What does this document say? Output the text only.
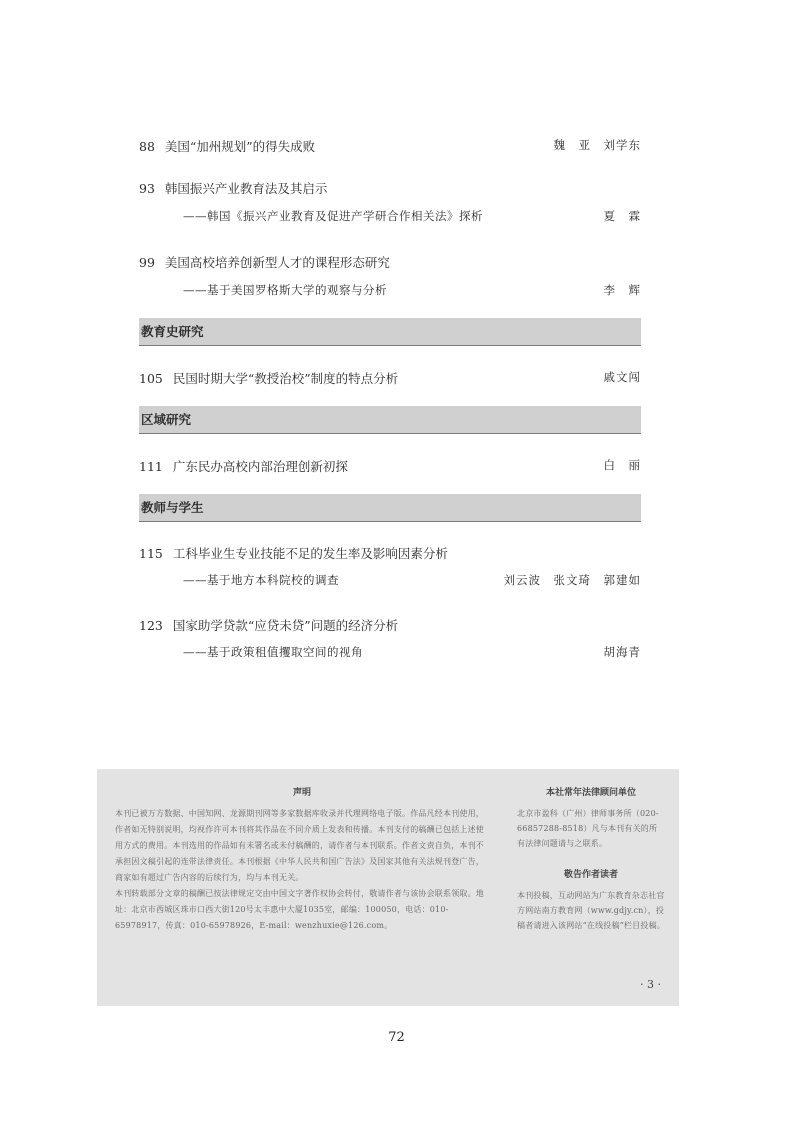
88 美国“加州规划”的得失成败	魏　亚　刘学东
93 韩国振兴产业教育法及其启示
——韩国《振兴产业教育及促进产学研合作相关法》探析	夏　霖
99 美国高校培养创新型人才的课程形态研究
——基于美国罗格斯大学的观察与分析	李　辉
教育史研究
105 民国时期大学“教授治校”制度的特点分析	戚文闯
区域研究
111 广东民办高校内部治理创新初探	白　丽
教师与学生
115 工科毕业生专业技能不足的发生率及影响因素分析
——基于地方本科院校的调查	刘云波　张文琦　郭建如
123 国家助学贷款“应贷未贷”问题的经济分析
——基于政策租值攫取空间的视角	胡海青
声明

本刊已被万方数据、中国知网、龙源期刊网等多家数据库收录并代理网络电子版。作品凡经本刊使用，作者如无特别说明，均视作许可本刊将其作品在不同介质上发表和传播。本刊支付的稿酬已包括上述使用方式的费用。本刊选用的作品如有未署名或未付稿酬的，请作者与本刊联系。作者文责自负，本刊不承担因文稿引起的连带法律责任。本刊根据《中华人民共和国广告法》及国家其他有关法规刊登广告，商家如有超过广告内容的后续行为，均与本刊无关。

本刊转载部分文章的稿酬已按法律规定交由中国文字著作权协会转付，敬请作者与该协会联系领取。地址：北京市西城区珠市口西大街120号太丰惠中大厦1035室，邮编：100050，电话：010-65978917，传真：010-65978926，E-mail：wenzhuxie@126.com。

本社常年法律顾问单位

北京市盈科（广州）律师事务所（020-66857288-8518）凡与本刊有关的所有法律问题请与之联系。

敬告作者读者

本刊投稿，互动网站为广东教育杂志社官方网站南方教育网（www.gdjy.cn），投稿者请进入该网站“在线投稿”栏目投稿。

· 3 ·
72
